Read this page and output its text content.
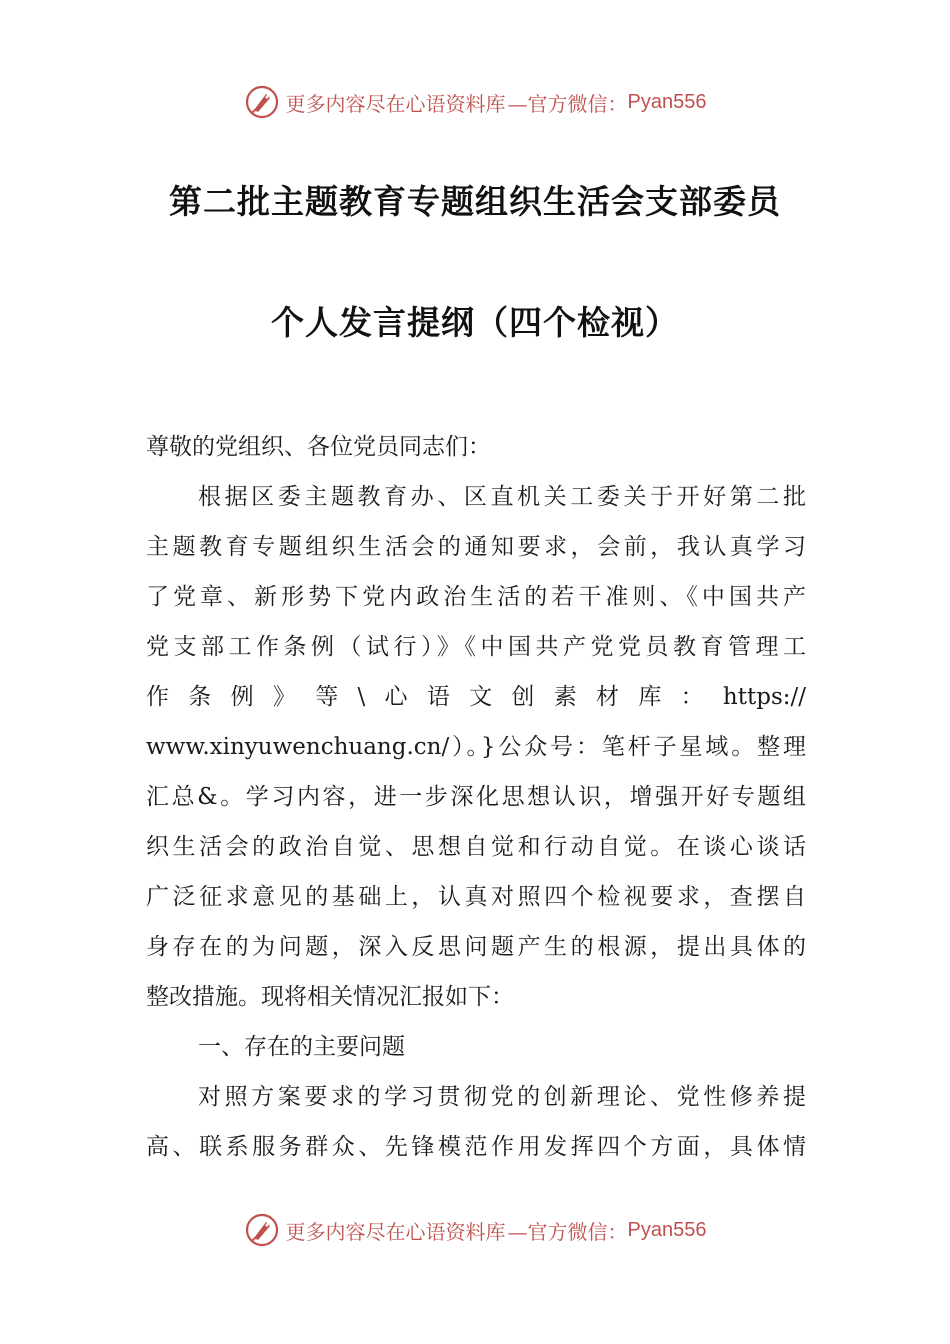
更多内容尽在心语资料库 —官方微信： Pyan556
第二批主题教育专题组织生活会支部委员
个人发言提纲（四个检视）
尊敬的党组织、各位党员同志们：
根据区委主题教育办、区直机关工委关于开好第二批
主题教育专题组织生活会的通知要求，会前，我认真学习
了党章、新形势下党内政治生活的若干准则、《中国共产
党支部工作条例（试行）》《中国共产党党员教育管理工
作条例》等\心语文创素材库：https://
www.xinyuwenchuang.cn/）。}公众号：笔杆子星域。整理
汇总&。学习内容，进一步深化思想认识，增强开好专题组
织生活会的政治自觉、思想自觉和行动自觉。在谈心谈话
广泛征求意见的基础上，认真对照四个检视要求，查摆自
身存在的为问题，深入反思问题产生的根源，提出具体的
整改措施。现将相关情况汇报如下：
一、存在的主要问题
对照方案要求的学习贯彻党的创新理论、党性修养提
高、联系服务群众、先锋模范作用发挥四个方面，具体情
更多内容尽在心语资料库 —官方微信： Pyan556
